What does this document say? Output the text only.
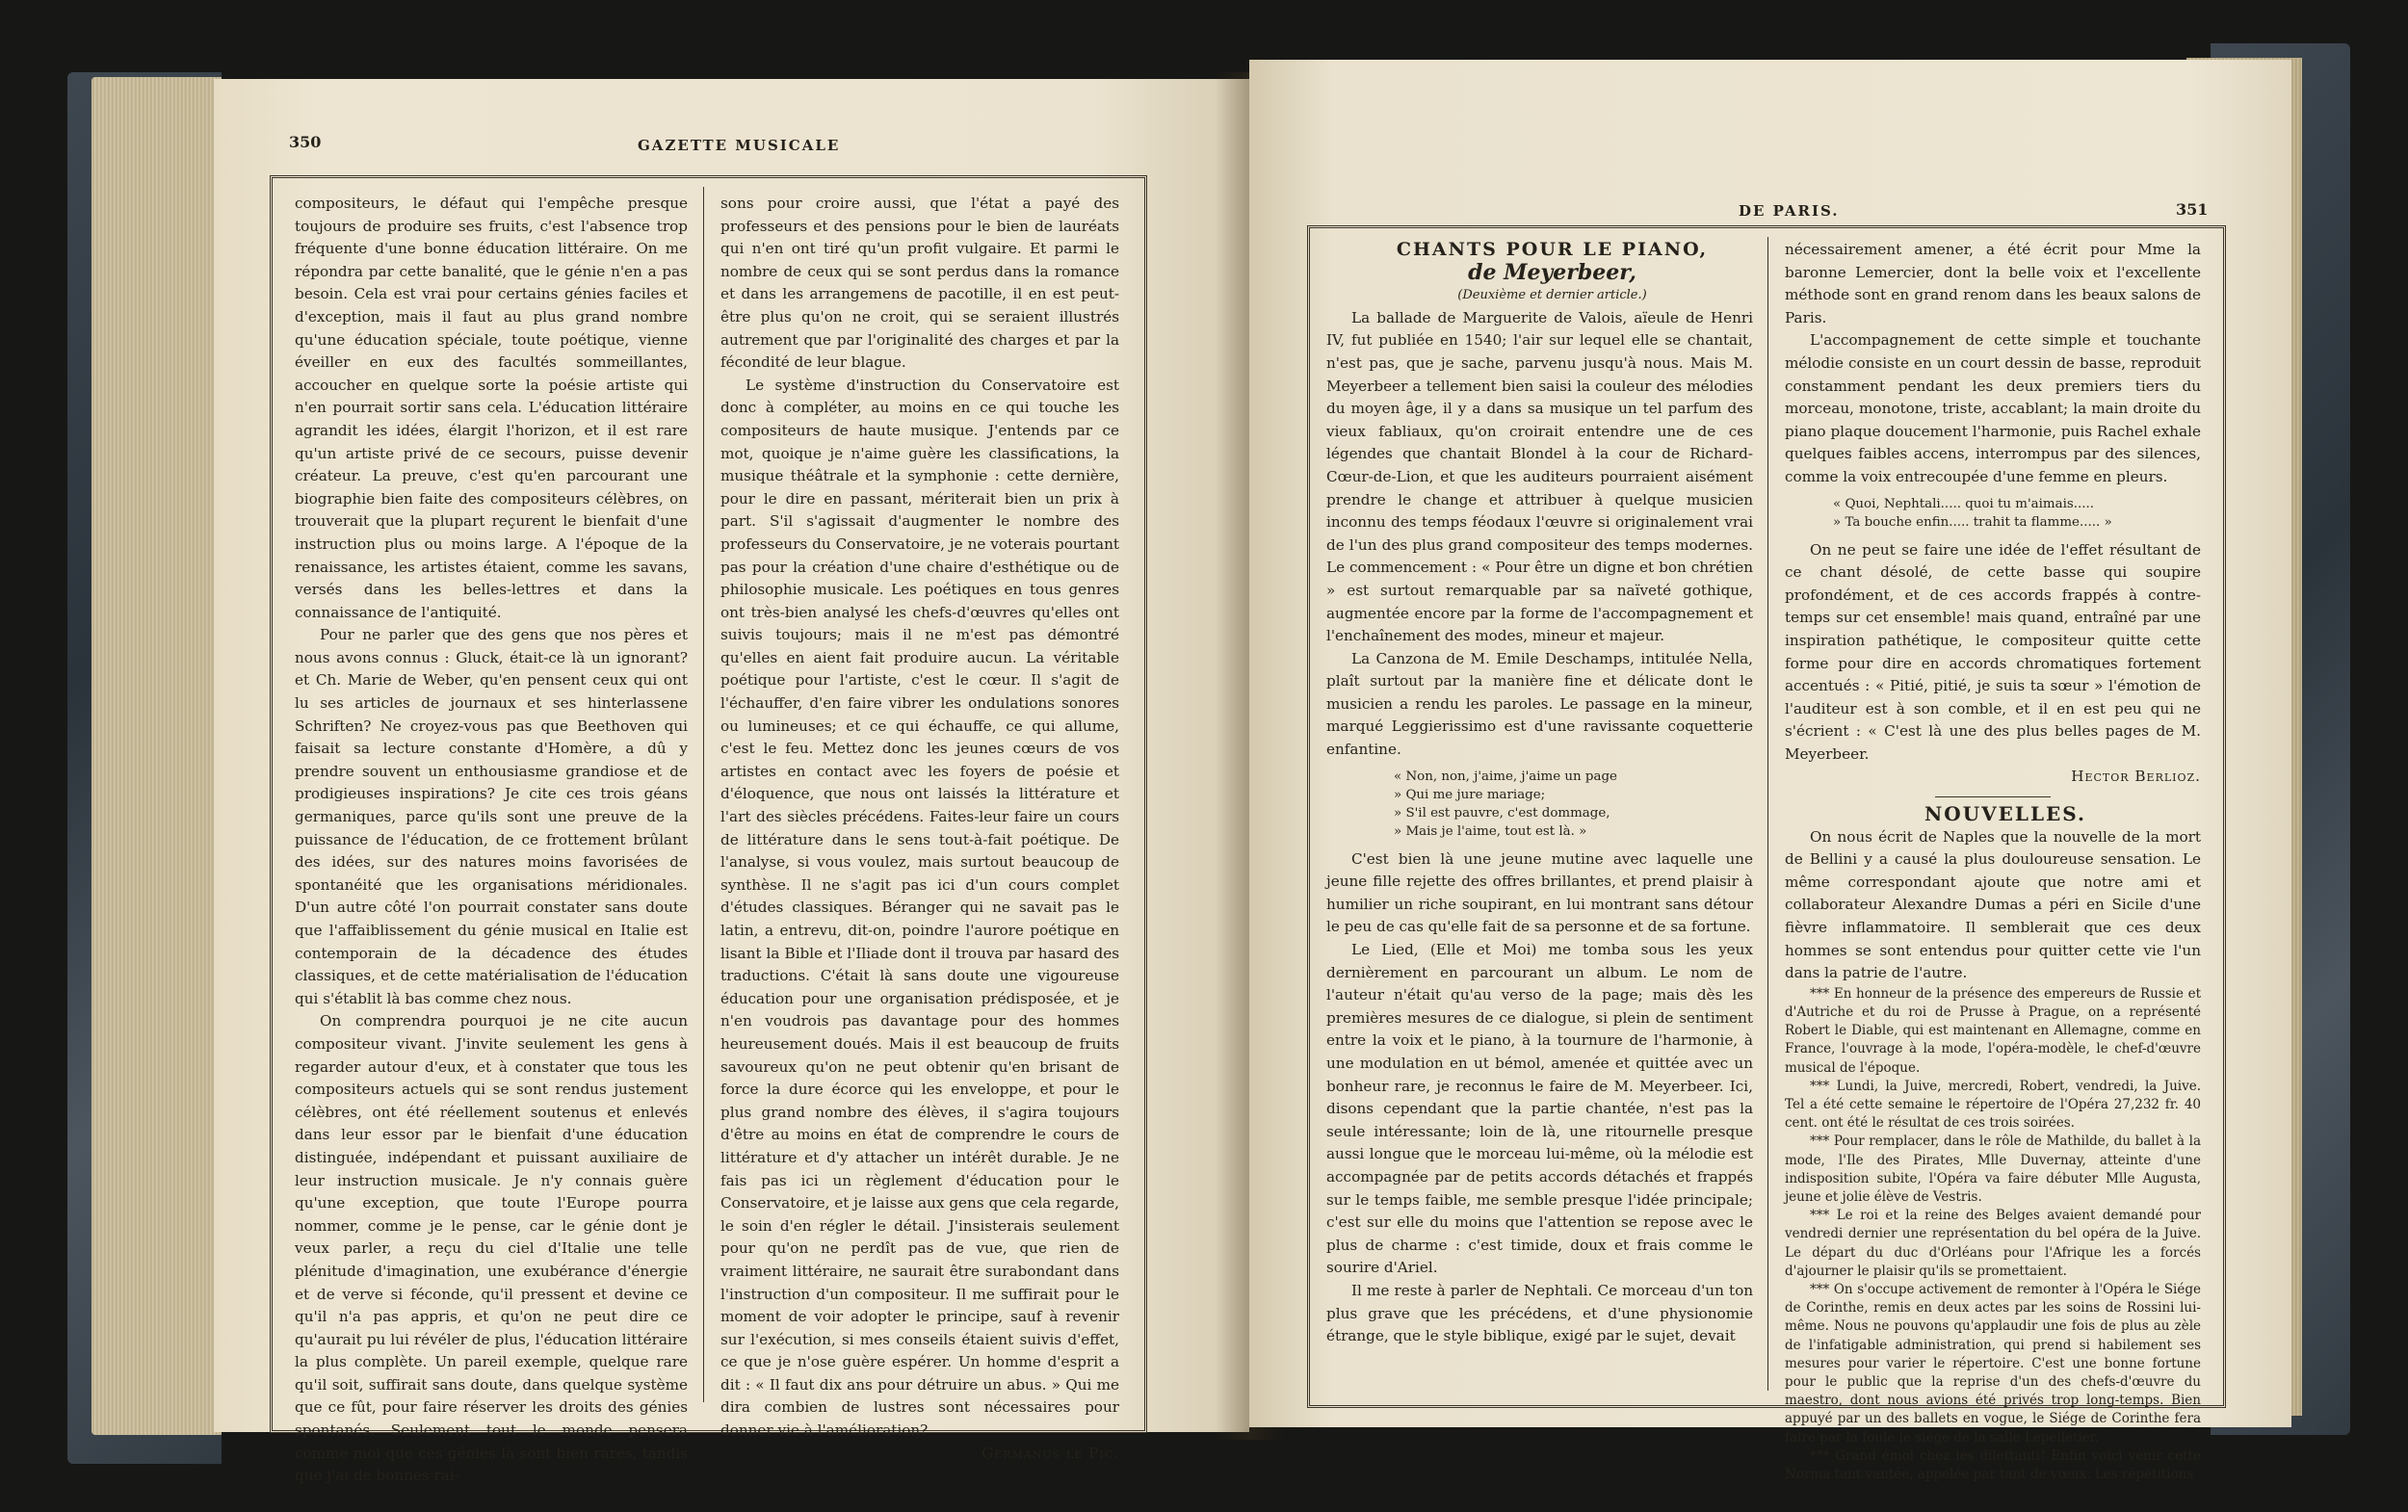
350	GAZETTE MUSICALE

compositeurs, le défaut qui l'empêche presque toujours de produire ses fruits, c'est l'absence trop fréquente d'une bonne éducation littéraire. On me répondra par cette banalité, que le génie n'en a pas besoin. Cela est vrai pour certains génies faciles et d'exception, mais il faut au plus grand nombre qu'une éducation spéciale, toute poétique, vienne éveiller en eux des facultés sommeillantes, accoucher en quelque sorte la poésie artiste qui n'en pourrait sortir sans cela. L'éducation littéraire agrandit les idées, élargit l'horizon, et il est rare qu'un artiste privé de ce secours, puisse devenir créateur. La preuve, c'est qu'en parcourant une biographie bien faite des compositeurs célèbres, on trouverait que la plupart reçurent le bienfait d'une instruction plus ou moins large. A l'époque de la renaissance, les artistes étaient, comme les savans, versés dans les belles-lettres et dans la connaissance de l'antiquité.

Pour ne parler que des gens que nos pères et nous avons connus : Gluck, était-ce là un ignorant? et Ch. Marie de Weber, qu'en pensent ceux qui ont lu ses articles de journaux et ses hinterlassene Schriften? Ne croyez-vous pas que Beethoven qui faisait sa lecture constante d'Homère, a dû y prendre souvent un enthousiasme grandiose et de prodigieuses inspirations? Je cite ces trois géans germaniques, parce qu'ils sont une preuve de la puissance de l'éducation, de ce frottement brûlant des idées, sur des natures moins favorisées de spontanéité que les organisations méridionales. D'un autre côté l'on pourrait constater sans doute que l'affaiblissement du génie musical en Italie est contemporain de la décadence des études classiques, et de cette matérialisation de l'éducation qui s'établit là bas comme chez nous.

On comprendra pourquoi je ne cite aucun compositeur vivant. J'invite seulement les gens à regarder autour d'eux, et à constater que tous les compositeurs actuels qui se sont rendus justement célèbres, ont été réellement soutenus et enlevés dans leur essor par le bienfait d'une éducation distinguée, indépendant et puissant auxiliaire de leur instruction musicale. Je n'y connais guère qu'une exception, que toute l'Europe pourra nommer, comme je le pense, car le génie dont je veux parler, a reçu du ciel d'Italie une telle plénitude d'imagination, une exubérance d'énergie et de verve si féconde, qu'il pressent et devine ce qu'il n'a pas appris, et qu'on ne peut dire ce qu'aurait pu lui révéler de plus, l'éducation littéraire la plus complète. Un pareil exemple, quelque rare qu'il soit, suffirait sans doute, dans quelque système que ce fût, pour faire réserver les droits des génies spontanés. Seulement tout le monde pensera comme moi que ces génies là sont bien rares, tandis que j'ai de bonnes rai-

sons pour croire aussi, que l'état a payé des professeurs et des pensions pour le bien de lauréats qui n'en ont tiré qu'un profit vulgaire. Et parmi le nombre de ceux qui se sont perdus dans la romance et dans les arrangemens de pacotille, il en est peut-être plus qu'on ne croit, qui se seraient illustrés autrement que par l'originalité des charges et par la fécondité de leur blague.

Le système d'instruction du Conservatoire est donc à compléter, au moins en ce qui touche les compositeurs de haute musique. J'entends par ce mot, quoique je n'aime guère les classifications, la musique théâtrale et la symphonie : cette dernière, pour le dire en passant, mériterait bien un prix à part. S'il s'agissait d'augmenter le nombre des professeurs du Conservatoire, je ne voterais pourtant pas pour la création d'une chaire d'esthétique ou de philosophie musicale. Les poétiques en tous genres ont très-bien analysé les chefs-d'œuvres qu'elles ont suivis toujours; mais il ne m'est pas démontré qu'elles en aient fait produire aucun. La véritable poétique pour l'artiste, c'est le cœur. Il s'agit de l'échauffer, d'en faire vibrer les ondulations sonores ou lumineuses; et ce qui échauffe, ce qui allume, c'est le feu. Mettez donc les jeunes cœurs de vos artistes en contact avec les foyers de poésie et d'éloquence, que nous ont laissés la littérature et l'art des siècles précédens. Faites-leur faire un cours de littérature dans le sens tout-à-fait poétique. De l'analyse, si vous voulez, mais surtout beaucoup de synthèse. Il ne s'agit pas ici d'un cours complet d'études classiques. Béranger qui ne savait pas le latin, a entrevu, dit-on, poindre l'aurore poétique en lisant la Bible et l'Iliade dont il trouva par hasard des traductions. C'était là sans doute une vigoureuse éducation pour une organisation prédisposée, et je n'en voudrois pas davantage pour des hommes heureusement doués. Mais il est beaucoup de fruits savoureux qu'on ne peut obtenir qu'en brisant de force la dure écorce qui les enveloppe, et pour le plus grand nombre des élèves, il s'agira toujours d'être au moins en état de comprendre le cours de littérature et d'y attacher un intérêt durable. Je ne fais pas ici un règlement d'éducation pour le Conservatoire, et je laisse aux gens que cela regarde, le soin d'en régler le détail. J'insisterais seulement pour qu'on ne perdît pas de vue, que rien de vraiment littéraire, ne saurait être surabondant dans l'instruction d'un compositeur. Il me suffirait pour le moment de voir adopter le principe, sauf à revenir sur l'exécution, si mes conseils étaient suivis d'effet, ce que je n'ose guère espérer. Un homme d'esprit a dit : « Il faut dix ans pour détruire un abus. » Qui me dira combien de lustres sont nécessaires pour donner vie à l'amélioration?

Germanus le Pic.

DE PARIS.	351

CHANTS POUR LE PIANO,

de Meyerbeer,

(Deuxième et dernier article.)

La ballade de Marguerite de Valois, aïeule de Henri IV, fut publiée en 1540; l'air sur lequel elle se chantait, n'est pas, que je sache, parvenu jusqu'à nous. Mais M. Meyerbeer a tellement bien saisi la couleur des mélodies du moyen âge, il y a dans sa musique un tel parfum des vieux fabliaux, qu'on croirait entendre une de ces légendes que chantait Blondel à la cour de Richard-Cœur-de-Lion, et que les auditeurs pourraient aisément prendre le change et attribuer à quelque musicien inconnu des temps féodaux l'œuvre si originalement vrai de l'un des plus grand compositeur des temps modernes. Le commencement : « Pour être un digne et bon chrétien » est surtout remarquable par sa naïveté gothique, augmentée encore par la forme de l'accompagnement et l'enchaînement des modes, mineur et majeur.

La Canzona de M. Emile Deschamps, intitulée Nella, plaît surtout par la manière fine et délicate dont le musicien a rendu les paroles. Le passage en la mineur, marqué Leggierissimo est d'une ravissante coquetterie enfantine.

« Non, non, j'aime, j'aime un page
» Qui me jure mariage;
» S'il est pauvre, c'est dommage,
» Mais je l'aime, tout est là. »

C'est bien là une jeune mutine avec laquelle une jeune fille rejette des offres brillantes, et prend plaisir à humilier un riche soupirant, en lui montrant sans détour le peu de cas qu'elle fait de sa personne et de sa fortune.

Le Lied, (Elle et Moi) me tomba sous les yeux dernièrement en parcourant un album. Le nom de l'auteur n'était qu'au verso de la page; mais dès les premières mesures de ce dialogue, si plein de sentiment entre la voix et le piano, à la tournure de l'harmonie, à une modulation en ut bémol, amenée et quittée avec un bonheur rare, je reconnus le faire de M. Meyerbeer. Ici, disons cependant que la partie chantée, n'est pas la seule intéressante; loin de là, une ritournelle presque aussi longue que le morceau lui-même, où la mélodie est accompagnée par de petits accords détachés et frappés sur le temps faible, me semble presque l'idée principale; c'est sur elle du moins que l'attention se repose avec le plus de charme : c'est timide, doux et frais comme le sourire d'Ariel.

Il me reste à parler de Nephtali. Ce morceau d'un ton plus grave que les précédens, et d'une physionomie étrange, que le style biblique, exigé par le sujet, devait

nécessairement amener, a été écrit pour Mme la baronne Lemercier, dont la belle voix et l'excellente méthode sont en grand renom dans les beaux salons de Paris.

L'accompagnement de cette simple et touchante mélodie consiste en un court dessin de basse, reproduit constamment pendant les deux premiers tiers du morceau, monotone, triste, accablant; la main droite du piano plaque doucement l'harmonie, puis Rachel exhale quelques faibles accens, interrompus par des silences, comme la voix entrecoupée d'une femme en pleurs.

« Quoi, Nephtali..... quoi tu m'aimais.....
» Ta bouche enfin..... trahit ta flamme..... »

On ne peut se faire une idée de l'effet résultant de ce chant désolé, de cette basse qui soupire profondément, et de ces accords frappés à contre-temps sur cet ensemble! mais quand, entraîné par une inspiration pathétique, le compositeur quitte cette forme pour dire en accords chromatiques fortement accentués : « Pitié, pitié, je suis ta sœur » l'émotion de l'auditeur est à son comble, et il en est peu qui ne s'écrient : « C'est là une des plus belles pages de M. Meyerbeer.

Hector Berlioz.

NOUVELLES.

On nous écrit de Naples que la nouvelle de la mort de Bellini y a causé la plus douloureuse sensation. Le même correspondant ajoute que notre ami et collaborateur Alexandre Dumas a péri en Sicile d'une fièvre inflammatoire. Il semblerait que ces deux hommes se sont entendus pour quitter cette vie l'un dans la patrie de l'autre.

*** En honneur de la présence des empereurs de Russie et d'Autriche et du roi de Prusse à Prague, on a représenté Robert le Diable, qui est maintenant en Allemagne, comme en France, l'ouvrage à la mode, l'opéra-modèle, le chef-d'œuvre musical de l'époque.

*** Lundi, la Juive, mercredi, Robert, vendredi, la Juive. Tel a été cette semaine le répertoire de l'Opéra 27,232 fr. 40 cent. ont été le résultat de ces trois soirées.

*** Pour remplacer, dans le rôle de Mathilde, du ballet à la mode, l'Ile des Pirates, Mlle Duvernay, atteinte d'une indisposition subite, l'Opéra va faire débuter Mlle Augusta, jeune et jolie élève de Vestris.

*** Le roi et la reine des Belges avaient demandé pour vendredi dernier une représentation du bel opéra de la Juive. Le départ du duc d'Orléans pour l'Afrique les a forcés d'ajourner le plaisir qu'ils se promettaient.

*** On s'occupe activement de remonter à l'Opéra le Siége de Corinthe, remis en deux actes par les soins de Rossini lui-même. Nous ne pouvons qu'applaudir une fois de plus au zèle de l'infatigable administration, qui prend si habilement ses mesures pour varier le répertoire. C'est une bonne fortune pour le public que la reprise d'un des chefs-d'œuvre du maestro, dont nous avions été privés trop long-temps. Bien appuyé par un des ballets en vogue, le Siége de Corinthe fera faire par la foule le siége de la salle Lepelletier.

*** Grand émoi chez les dilettanti! Enfin voici venir cette Norma tant vantée, appelée par tant de vœux. Les répétitions
